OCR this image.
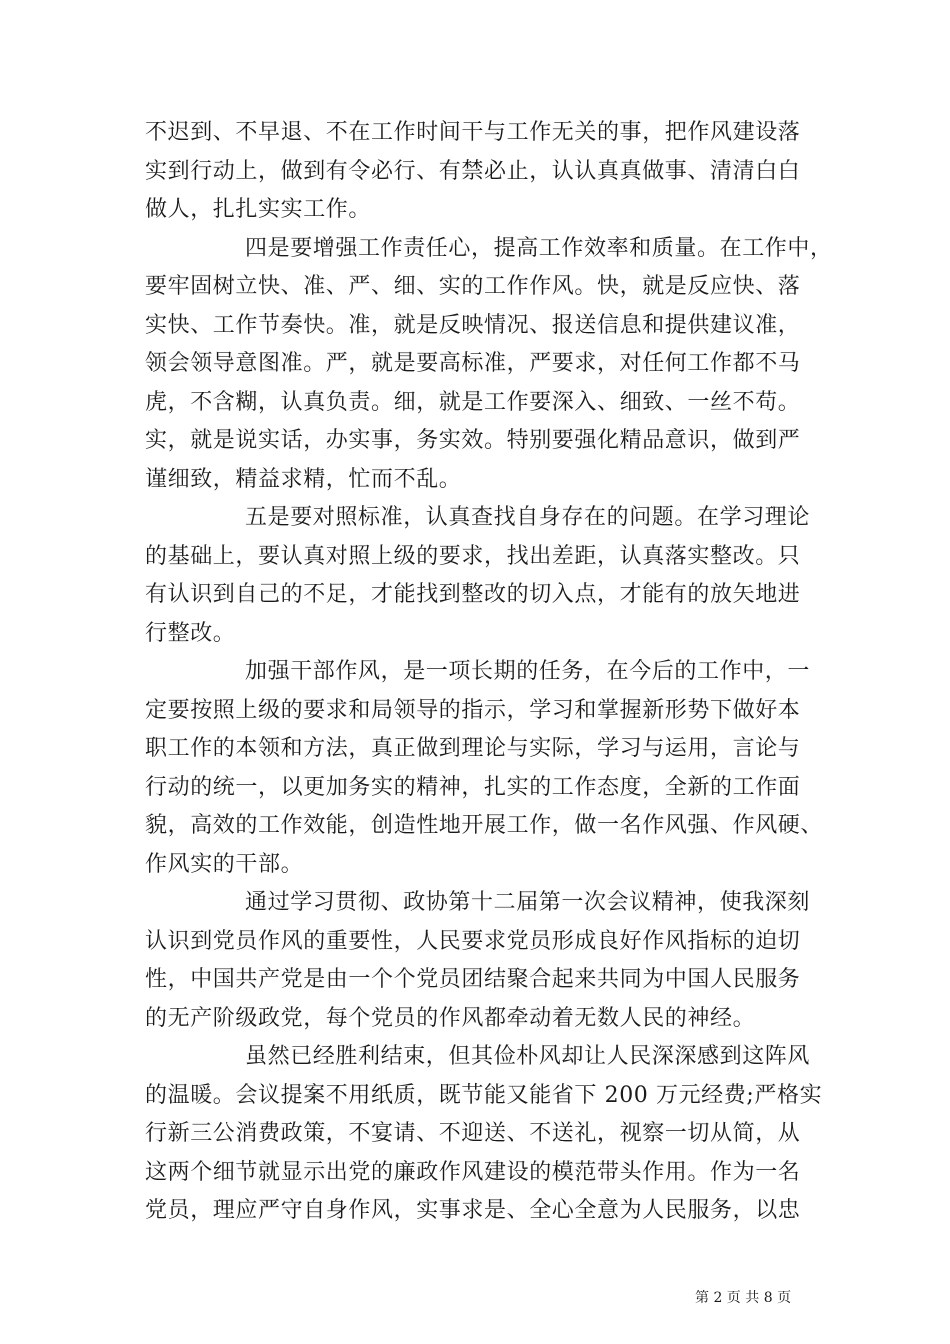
不迟到、不早退、不在工作时间干与工作无关的事，把作风建设落
实到行动上，做到有令必行、有禁必止，认认真真做事、清清白白
做人，扎扎实实工作。
四是要增强工作责任心，提高工作效率和质量。在工作中，
要牢固树立快、准、严、细、实的工作作风。快，就是反应快、落
实快、工作节奏快。准，就是反映情况、报送信息和提供建议准，
领会领导意图准。严，就是要高标准，严要求，对任何工作都不马
虎，不含糊，认真负责。细，就是工作要深入、细致、一丝不苟。
实，就是说实话，办实事，务实效。特别要强化精品意识，做到严
谨细致，精益求精，忙而不乱。
五是要对照标准，认真查找自身存在的问题。在学习理论
的基础上，要认真对照上级的要求，找出差距，认真落实整改。只
有认识到自己的不足，才能找到整改的切入点，才能有的放矢地进
行整改。
加强干部作风，是一项长期的任务，在今后的工作中，一
定要按照上级的要求和局领导的指示，学习和掌握新形势下做好本
职工作的本领和方法，真正做到理论与实际，学习与运用，言论与
行动的统一，以更加务实的精神，扎实的工作态度，全新的工作面
貌，高效的工作效能，创造性地开展工作，做一名作风强、作风硬、
作风实的干部。
通过学习贯彻、政协第十二届第一次会议精神，使我深刻
认识到党员作风的重要性，人民要求党员形成良好作风指标的迫切
性，中国共产党是由一个个党员团结聚合起来共同为中国人民服务
的无产阶级政党，每个党员的作风都牵动着无数人民的神经。
虽然已经胜利结束，但其俭朴风却让人民深深感到这阵风
的温暖。会议提案不用纸质，既节能又能省下 200 万元经费;严格实
行新三公消费政策，不宴请、不迎送、不送礼，视察一切从简，从
这两个细节就显示出党的廉政作风建设的模范带头作用。作为一名
党员，理应严守自身作风，实事求是、全心全意为人民服务，以忠
第 2 页 共 8 页
